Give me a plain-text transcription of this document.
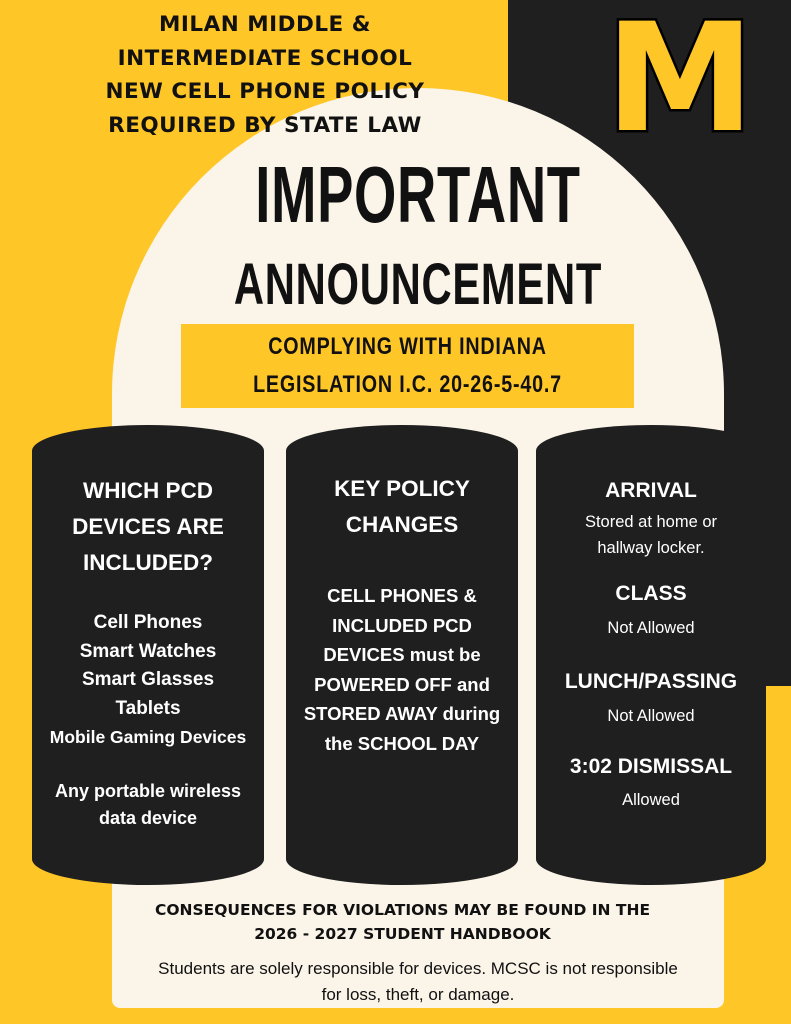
MILAN MIDDLE &
INTERMEDIATE SCHOOL
NEW CELL PHONE POLICY
REQUIRED BY STATE LAW	M
IMPORTANT
ANNOUNCEMENT
COMPLYING WITH INDIANA
LEGISLATION I.C. 20-26-5-40.7
WHICH PCD
DEVICES ARE
INCLUDED?
Cell Phones
Smart Watches
Smart Glasses
Tablets
Mobile Gaming Devices
Any portable wireless
data device
KEY POLICY
CHANGES
CELL PHONES &
INCLUDED PCD
DEVICES must be
POWERED OFF and
STORED AWAY during
the SCHOOL DAY
ARRIVAL
Stored at home or
hallway locker.
CLASS
Not Allowed
LUNCH/PASSING
Not Allowed
3:02 DISMISSAL
Allowed
CONSEQUENCES FOR VIOLATIONS MAY BE FOUND IN THE
2026 - 2027 STUDENT HANDBOOK
Students are solely responsible for devices. MCSC is not responsible
for loss, theft, or damage.
